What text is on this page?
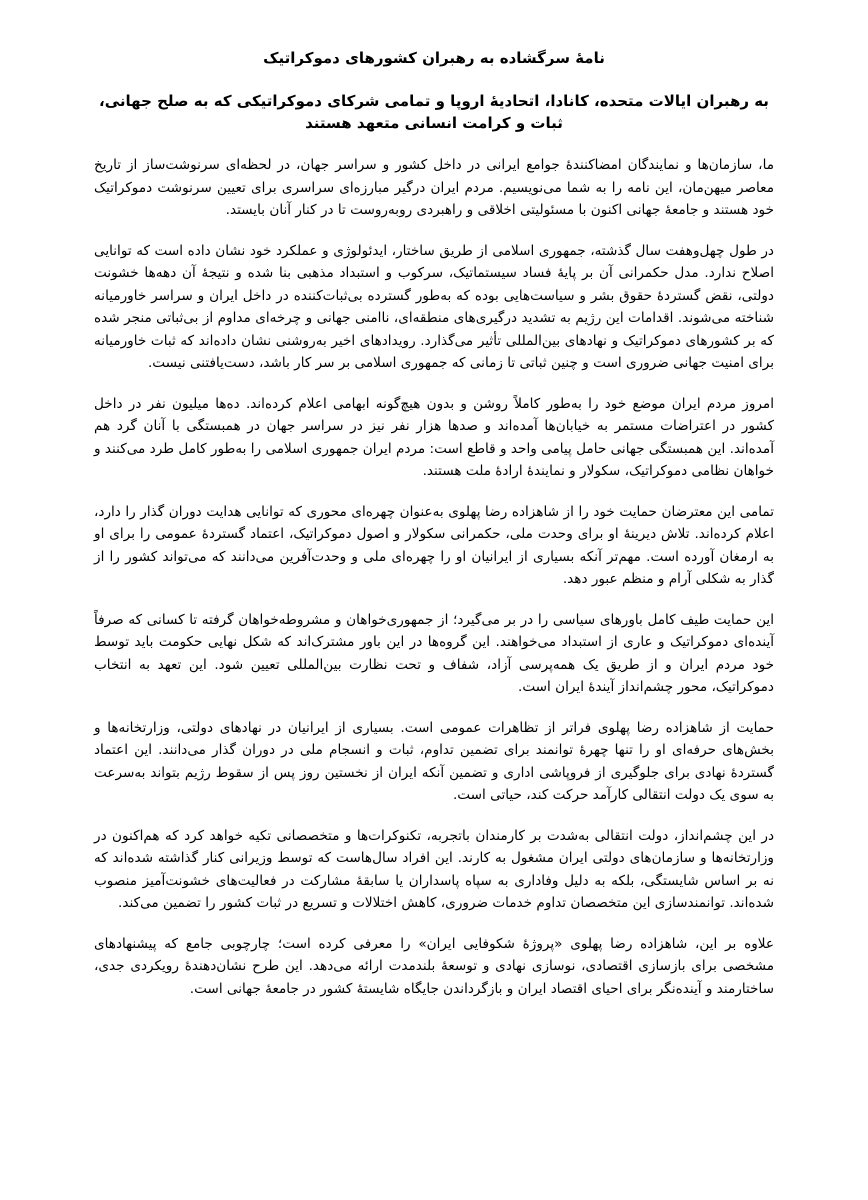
نامهٔ سرگشاده به رهبران کشورهای دموکراتیک
به رهبران ایالات متحده، کانادا، اتحادیهٔ اروپا و تمامی شرکای دموکراتیکی که به صلح جهانی، ثبات و کرامت انسانی متعهد هستند

ما، سازمان‌ها و نمایندگان امضاکنندهٔ جوامع ایرانی در داخل کشور و سراسر جهان، در لحظه‌ای سرنوشت‌ساز از تاریخ معاصر میهن‌مان، این نامه را به شما می‌نویسیم. مردم ایران درگیر مبارزه‌ای سراسری برای تعیین سرنوشت دموکراتیک خود هستند و جامعهٔ جهانی اکنون با مسئولیتی اخلاقی و راهبردی روبه‌روست تا در کنار آنان بایستد.

در طول چهل‌وهفت سال گذشته، جمهوری اسلامی از طریق ساختار، ایدئولوژی و عملکرد خود نشان داده است که توانایی اصلاح ندارد. مدل حکمرانی آن بر پایهٔ فساد سیستماتیک، سرکوب و استبداد مذهبی بنا شده و نتیجهٔ آن دهه‌ها خشونت دولتی، نقض گستردهٔ حقوق بشر و سیاست‌هایی بوده که به‌طور گسترده بی‌ثبات‌کننده در داخل ایران و سراسر خاورمیانه شناخته می‌شوند. اقدامات این رژیم به تشدید درگیری‌های منطقه‌ای، ناامنی جهانی و چرخه‌ای مداوم از بی‌ثباتی منجر شده که بر کشورهای دموکراتیک و نهادهای بین‌المللی تأثیر می‌گذارد. رویدادهای اخیر به‌روشنی نشان داده‌اند که ثبات خاورمیانه برای امنیت جهانی ضروری است و چنین ثباتی تا زمانی که جمهوری اسلامی بر سر کار باشد، دست‌یافتنی نیست.

امروز مردم ایران موضع خود را به‌طور کاملاً روشن و بدون هیچ‌گونه ابهامی اعلام کرده‌اند. ده‌ها میلیون نفر در داخل کشور در اعتراضات مستمر به خیابان‌ها آمده‌اند و صدها هزار نفر نیز در سراسر جهان در همبستگی با آنان گرد هم آمده‌اند. این همبستگی جهانی حامل پیامی واحد و قاطع است: مردم ایران جمهوری اسلامی را به‌طور کامل طرد می‌کنند و خواهان نظامی دموکراتیک، سکولار و نمایندهٔ ارادهٔ ملت هستند.

تمامی این معترضان حمایت خود را از شاهزاده رضا پهلوی به‌عنوان چهره‌ای محوری که توانایی هدایت دوران گذار را دارد، اعلام کرده‌اند. تلاش دیرینهٔ او برای وحدت ملی، حکمرانی سکولار و اصول دموکراتیک، اعتماد گستردهٔ عمومی را برای او به ارمغان آورده است. مهم‌تر آنکه بسیاری از ایرانیان او را چهره‌ای ملی و وحدت‌آفرین می‌دانند که می‌تواند کشور را از گذار به شکلی آرام و منظم عبور دهد.

این حمایت طیف کامل باورهای سیاسی را در بر می‌گیرد؛ از جمهوری‌خواهان و مشروطه‌خواهان گرفته تا کسانی که صرفاً آینده‌ای دموکراتیک و عاری از استبداد می‌خواهند. این گروه‌ها در این باور مشترک‌اند که شکل نهایی حکومت باید توسط خود مردم ایران و از طریق یک همه‌پرسی آزاد، شفاف و تحت نظارت بین‌المللی تعیین شود. این تعهد به انتخاب دموکراتیک، محور چشم‌انداز آیندهٔ ایران است.

حمایت از شاهزاده رضا پهلوی فراتر از تظاهرات عمومی است. بسیاری از ایرانیان در نهادهای دولتی، وزارتخانه‌ها و بخش‌های حرفه‌ای او را تنها چهرهٔ توانمند برای تضمین تداوم، ثبات و انسجام ملی در دوران گذار می‌دانند. این اعتماد گستردهٔ نهادی برای جلوگیری از فروپاشی اداری و تضمین آنکه ایران از نخستین روز پس از سقوط رژیم بتواند به‌سرعت به سوی یک دولت انتقالی کارآمد حرکت کند، حیاتی است.

در این چشم‌انداز، دولت انتقالی به‌شدت بر کارمندان باتجربه، تکنوکرات‌ها و متخصصانی تکیه خواهد کرد که هم‌اکنون در وزارتخانه‌ها و سازمان‌های دولتی ایران مشغول به کارند. این افراد سال‌هاست که توسط وزیرانی کنار گذاشته شده‌اند که نه بر اساس شایستگی، بلکه به دلیل وفاداری به سپاه پاسداران یا سابقهٔ مشارکت در فعالیت‌های خشونت‌آمیز منصوب شده‌اند. توانمندسازی این متخصصان تداوم خدمات ضروری، کاهش اختلالات و تسریع در ثبات کشور را تضمین می‌کند.

علاوه بر این، شاهزاده رضا پهلوی «پروژهٔ شکوفایی ایران» را معرفی کرده است؛ چارچوبی جامع که پیشنهادهای مشخصی برای بازسازی اقتصادی، نوسازی نهادی و توسعهٔ بلندمدت ارائه می‌دهد. این طرح نشان‌دهندهٔ رویکردی جدی، ساختارمند و آینده‌نگر برای احیای اقتصاد ایران و بازگرداندن جایگاه شایستهٔ کشور در جامعهٔ جهانی است.
